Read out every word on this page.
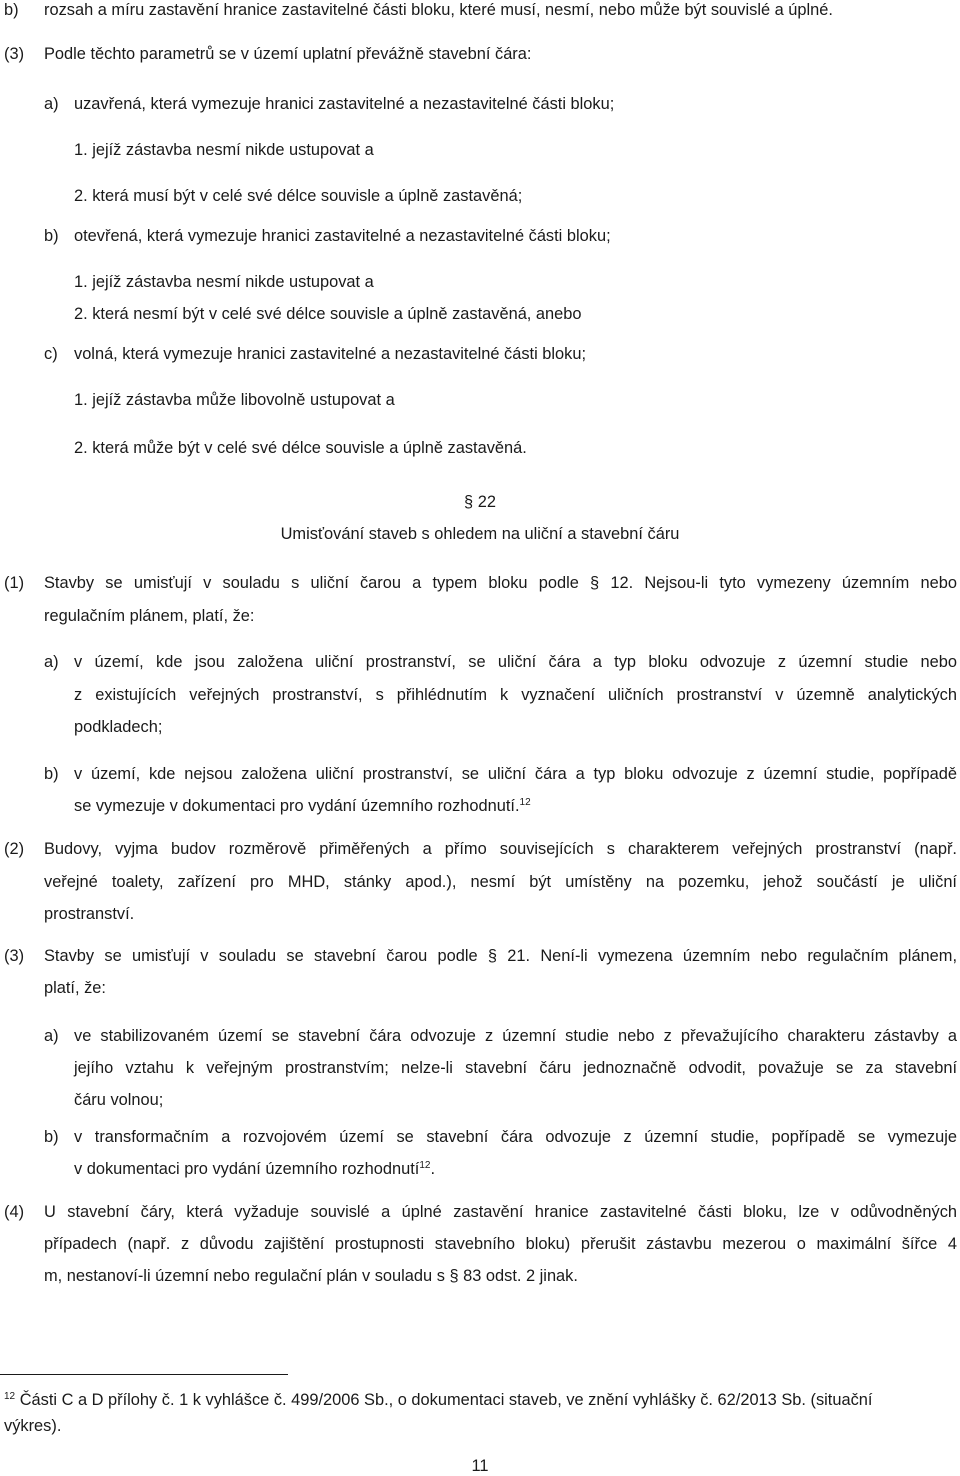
b) rozsah a míru zastavění hranice zastavitelné části bloku, které musí, nesmí, nebo může být souvislé a úplné.
(3) Podle těchto parametrů se v území uplatní převážně stavební čára:
a) uzavřená, která vymezuje hranici zastavitelné a nezastavitelné části bloku;
1. jejíž zástavba nesmí nikde ustupovat a
2. která musí být v celé své délce souvisle a úplně zastavěná;
b) otevřená, která vymezuje hranici zastavitelné a nezastavitelné části bloku;
1. jejíž zástavba nesmí nikde ustupovat a
2. která nesmí být v celé své délce souvisle a úplně zastavěná, anebo
c) volná, která vymezuje hranici zastavitelné a nezastavitelné části bloku;
1. jejíž zástavba může libovolně ustupovat a
2. která může být v celé své délce souvisle a úplně zastavěná.
§ 22
Umisťování staveb s ohledem na uliční a stavební čáru
(1) Stavby se umisťují v souladu s uliční čarou a typem bloku podle § 12. Nejsou-li tyto vymezeny územním nebo
regulačním plánem, platí, že:
a) v území, kde jsou založena uliční prostranství, se uliční čára a typ bloku odvozuje z územní studie nebo
z existujících veřejných prostranství, s přihlédnutím k vyznačení uličních prostranství v územně analytických
podkladech;
b) v území, kde nejsou založena uliční prostranství, se uliční čára a typ bloku odvozuje z územní studie, popřípadě
se vymezuje v dokumentaci pro vydání územního rozhodnutí.$^{12}$
(2) Budovy, vyjma budov rozměrově přiměřených a přímo souvisejících s charakterem veřejných prostranství (např.
veřejné toalety, zařízení pro MHD, stánky apod.), nesmí být umístěny na pozemku, jehož součástí je uliční
prostranství.
(3) Stavby se umisťují v souladu se stavební čarou podle § 21. Není-li vymezena územním nebo regulačním plánem,
platí, že:
a) ve stabilizovaném území se stavební čára odvozuje z územní studie nebo z převažujícího charakteru zástavby a
jejího vztahu k veřejným prostranstvím; nelze-li stavební čáru jednoznačně odvodit, považuje se za stavební
čáru volnou;
b) v transformačním a rozvojovém území se stavební čára odvozuje z územní studie, popřípadě se vymezuje
v dokumentaci pro vydání územního rozhodnutí$^{12}$.
(4) U stavební čáry, která vyžaduje souvislé a úplné zastavění hranice zastavitelné části bloku, lze v odůvodněných
případech (např. z důvodu zajištění prostupnosti stavebního bloku) přerušit zástavbu mezerou o maximální šířce 4
m, nestanoví-li územní nebo regulační plán v souladu s § 83 odst. 2 jinak.
$^{12}$ Části C a D přílohy č. 1 k vyhlášce č. 499/2006 Sb., o dokumentaci staveb, ve znění vyhlášky č. 62/2013 Sb. (situační
výkres).
11
